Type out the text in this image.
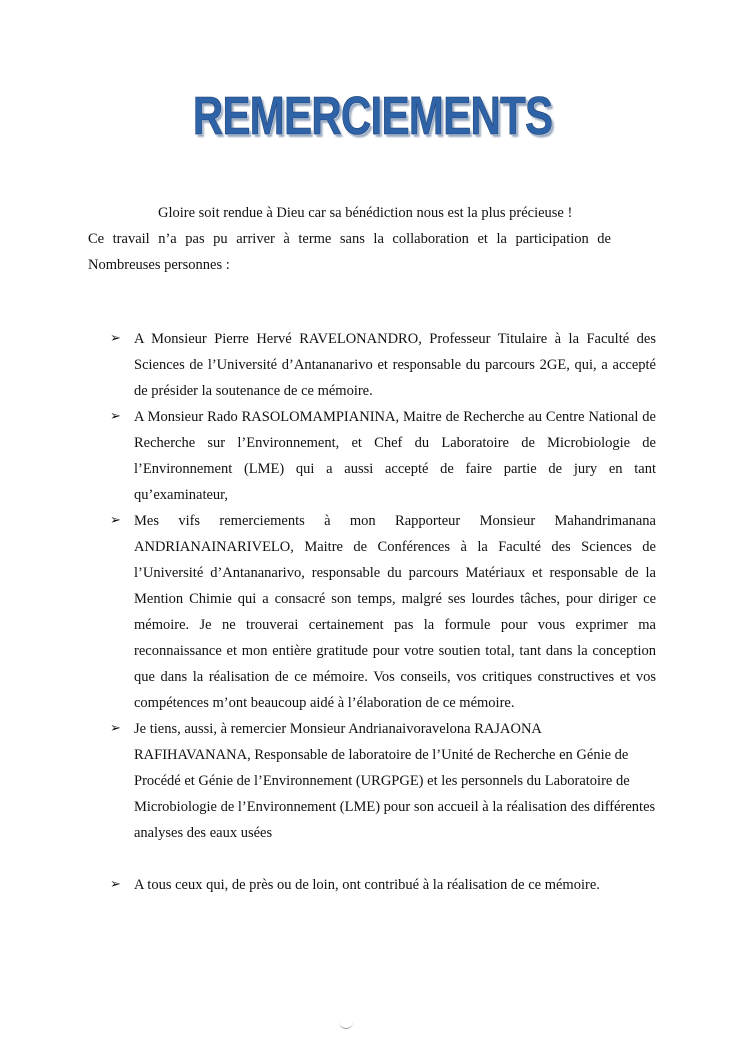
REMERCIEMENTS
Gloire soit rendue à Dieu car sa bénédiction nous est la plus précieuse !
Ce travail n’a pas pu arriver à terme sans la collaboration et la participation de
Nombreuses personnes :
➢ A Monsieur Pierre Hervé RAVELONANDRO, Professeur Titulaire à la Faculté des Sciences de l’Université d’Antananarivo et responsable du parcours 2GE, qui, a accepté de présider la soutenance de ce mémoire.
➢ A Monsieur Rado RASOLOMAMPIANINA, Maitre de Recherche au Centre National de Recherche sur l’Environnement, et Chef du Laboratoire de Microbiologie de l’Environnement (LME) qui a aussi accepté de faire partie de jury en tant qu’examinateur,
➢ Mes vifs remerciements à mon Rapporteur Monsieur Mahandrimanana ANDRIANAINARIVELO, Maitre de Conférences à la Faculté des Sciences de l’Université d’Antananarivo, responsable du parcours Matériaux et responsable de la Mention Chimie qui a consacré son temps, malgré ses lourdes tâches, pour diriger ce mémoire. Je ne trouverai certainement pas la formule pour vous exprimer ma reconnaissance et mon entière gratitude pour votre soutien total, tant dans la conception que dans la réalisation de ce mémoire. Vos conseils, vos critiques constructives et vos compétences m’ont beaucoup aidé à l’élaboration de ce mémoire.
➢ Je tiens, aussi, à remercier Monsieur Andrianaivoravelona RAJAONA RAFIHAVANANA, Responsable de laboratoire de l’Unité de Recherche en Génie de Procédé et Génie de l’Environnement (URGPGE) et les personnels du Laboratoire de Microbiologie de l’Environnement (LME) pour son accueil à la réalisation des différentes analyses des eaux usées
➢ A tous ceux qui, de près ou de loin, ont contribué à la réalisation de ce mémoire.
